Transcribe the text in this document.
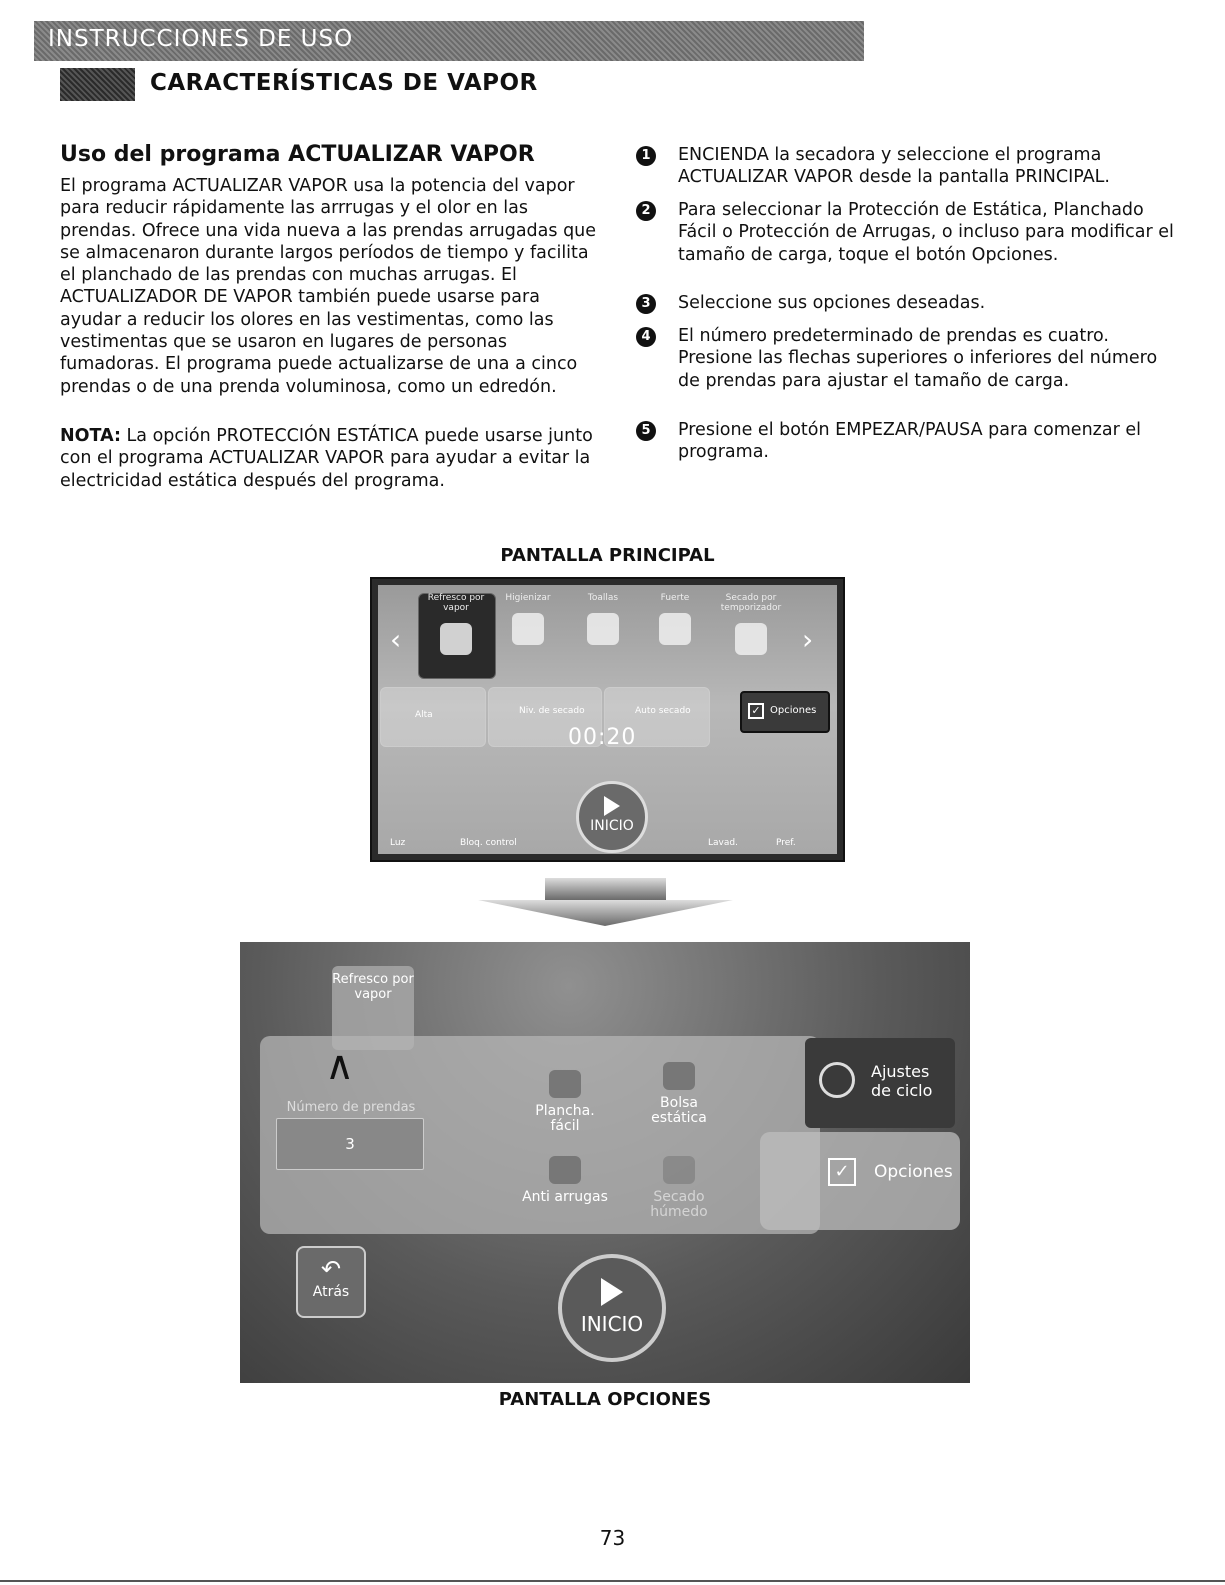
INSTRUCCIONES DE USO
CARACTERÍSTICAS DE VAPOR
Uso del programa ACTUALIZAR VAPOR
El programa ACTUALIZAR VAPOR usa la potencia del vapor para reducir rápidamente las arrrugas y el olor en las prendas. Ofrece una vida nueva a las prendas arrugadas que se almacenaron durante largos períodos de tiempo y facilita el planchado de las prendas con muchas arrugas. El ACTUALIZADOR DE VAPOR también puede usarse para ayudar a reducir los olores en las vestimentas, como las vestimentas que se usaron en lugares de personas fumadoras. El programa puede actualizarse de una a cinco prendas o de una prenda voluminosa, como un edredón.
NOTA: La opción PROTECCIÓN ESTÁTICA puede usarse junto con el programa ACTUALIZAR VAPOR para ayudar a evitar la electricidad estática después del programa.
1	ENCIENDA la secadora y seleccione el programa ACTUALIZAR VAPOR desde la pantalla PRINCIPAL.
2	Para seleccionar la Protección de Estática, Planchado Fácil o Protección de Arrugas, o incluso para modificar el tamaño de carga, toque el botón Opciones.
3	Seleccione sus opciones deseadas.
4	El número predeterminado de prendas es cuatro. Presione las flechas superiores o inferiores del número de prendas para ajustar el tamaño de carga.
5	Presione el botón EMPEZAR/PAUSA para comenzar el programa.
PANTALLA PRINCIPAL
‹
Refresco por vapor
Higienizar	Toallas	Fuerte	Secado por temporizador
›
Alta	Niv. de secado	Auto secado	✓ Opciones
00:20
INICIO
Luz	Bloq. control	Lavad.	Pref.
Refresco por vapor
∧
Número de prendas
3
Plancha. fácil
Bolsa estática
Anti arrugas	Secado húmedo
Ajustes de ciclo
✓	Opciones
↶
Atrás
INICIO
PANTALLA OPCIONES
73
